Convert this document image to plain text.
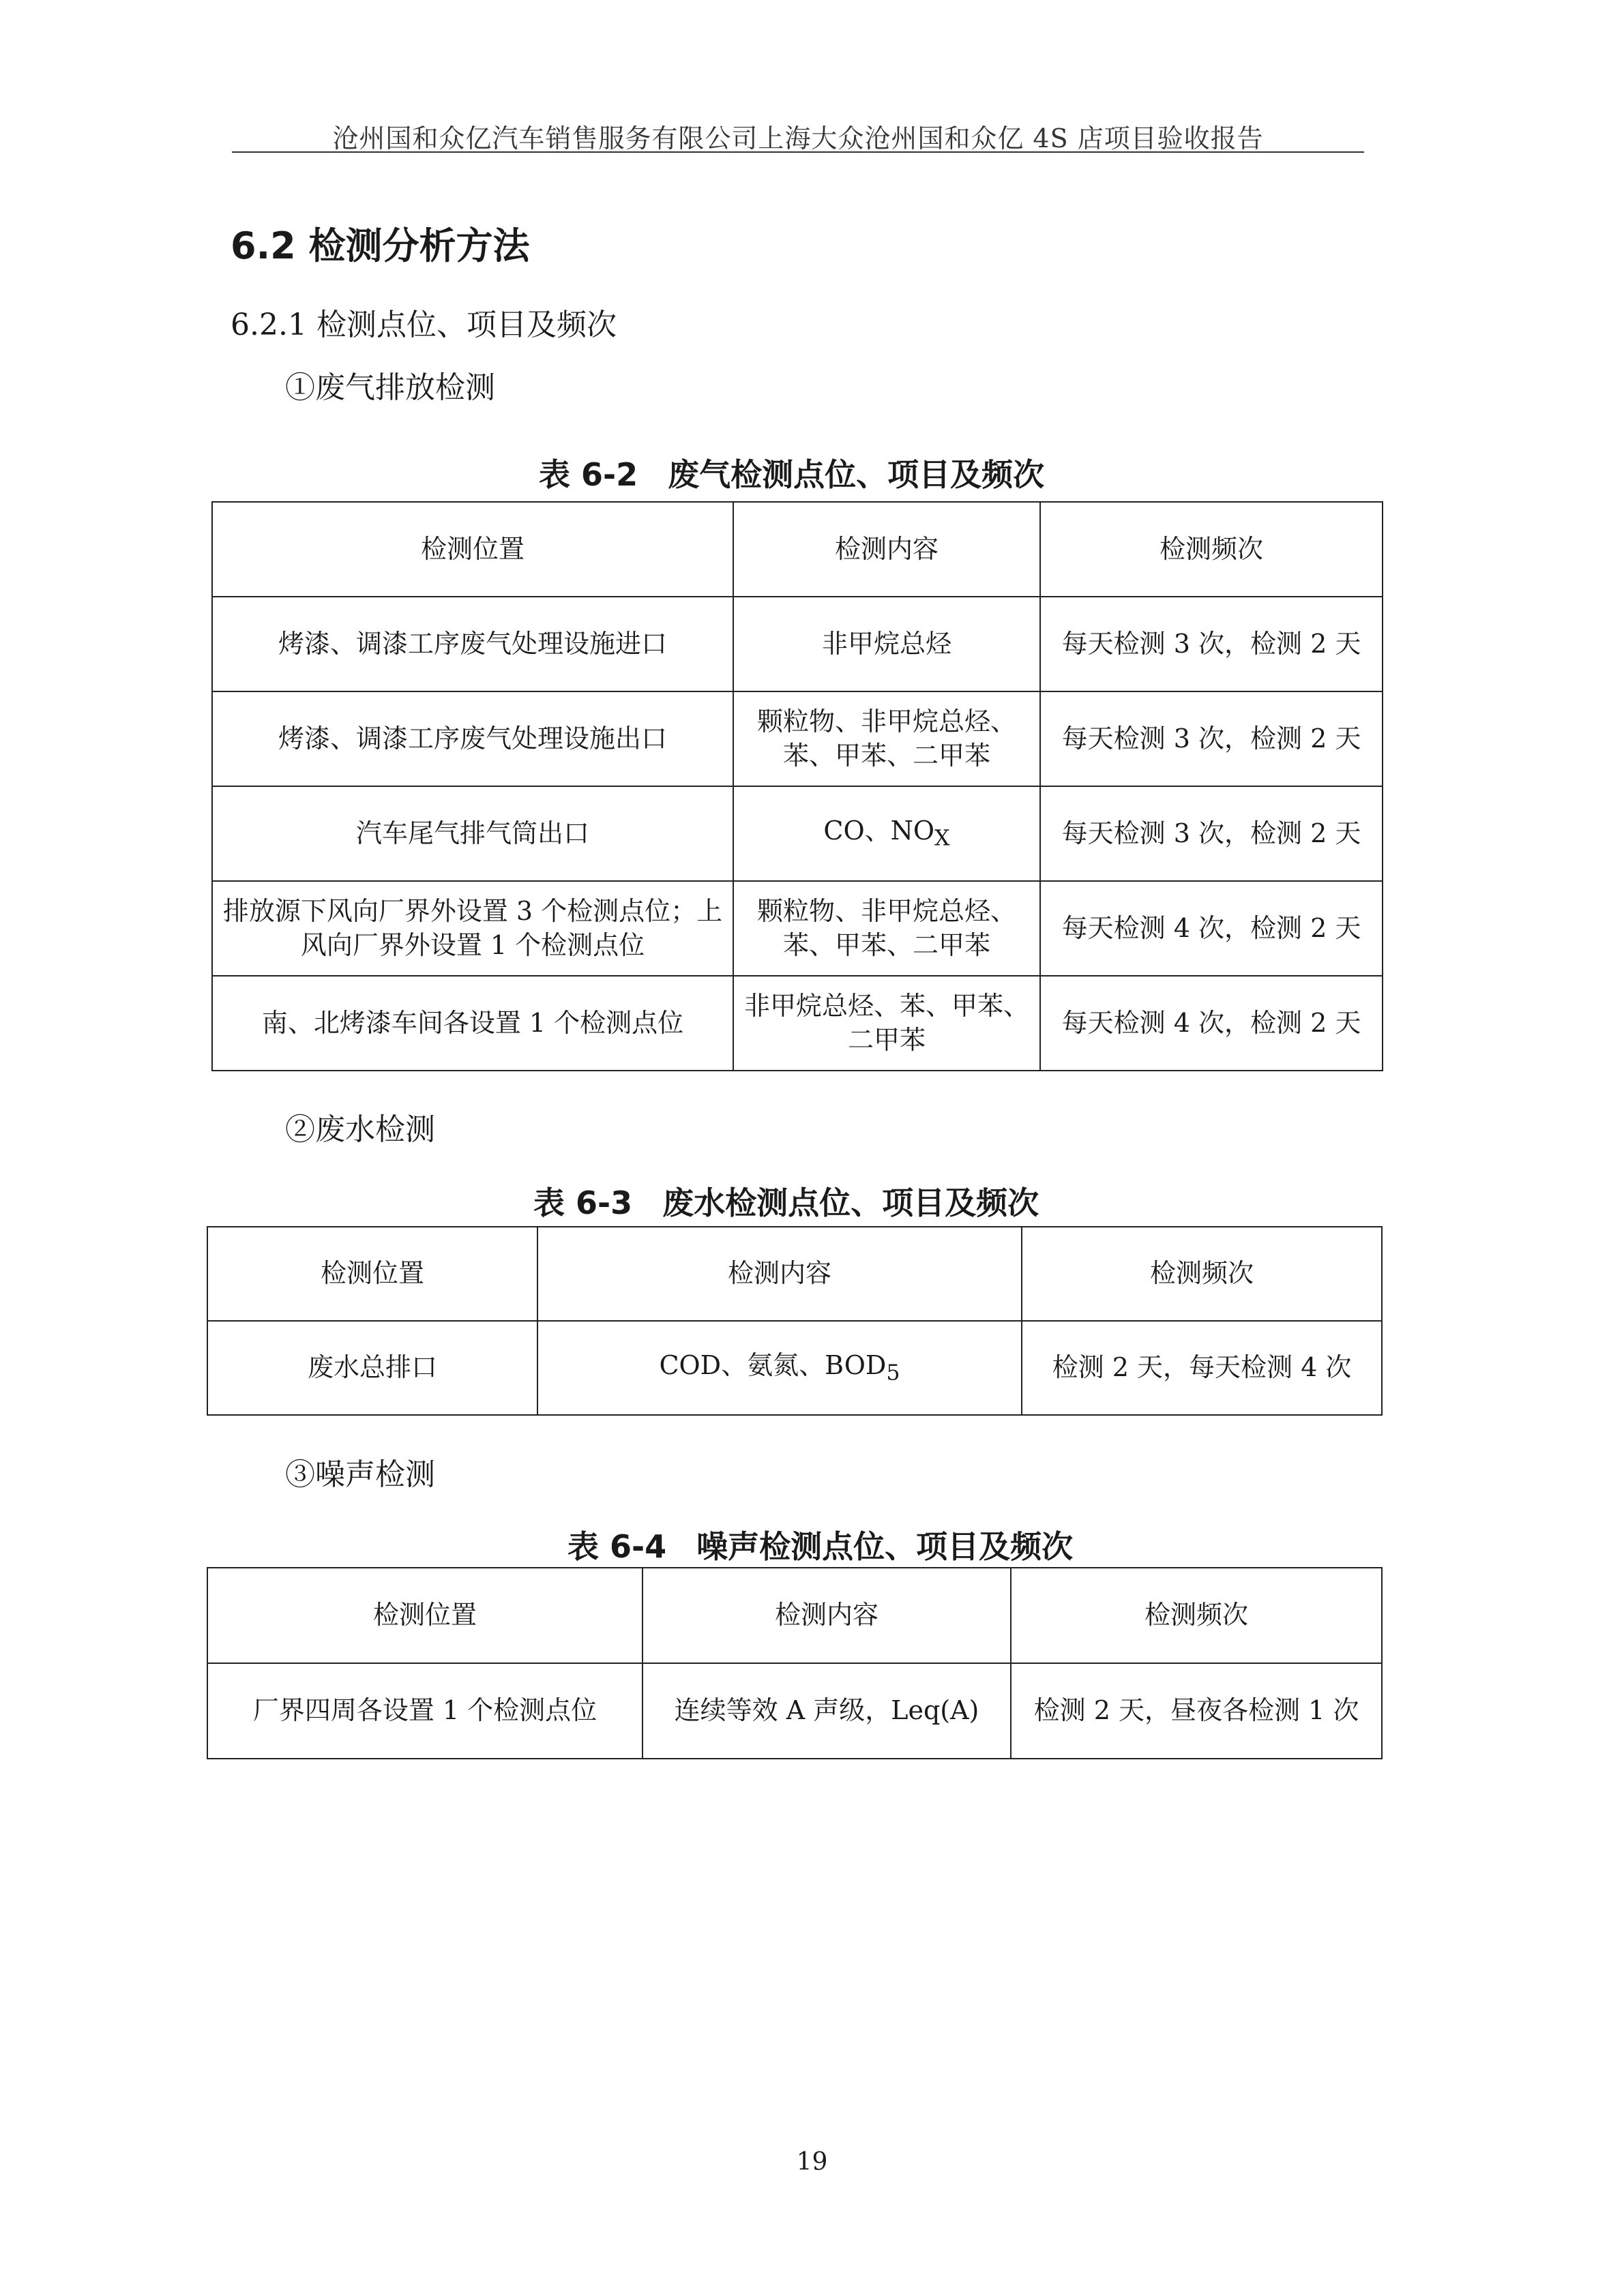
沧州国和众亿汽车销售服务有限公司上海大众沧州国和众亿 4S 店项目验收报告
6.2 检测分析方法
6.2.1 检测点位、项目及频次
①废气排放检测
表 6-2 废气检测点位、项目及频次
检测位置	检测内容	检测频次
烤漆、调漆工序废气处理设施进口	非甲烷总烃	每天检测 3 次，检测 2 天
烤漆、调漆工序废气处理设施出口	颗粒物、非甲烷总烃、苯、甲苯、二甲苯	每天检测 3 次，检测 2 天
汽车尾气排气筒出口	CO、$NO_X$	每天检测 3 次，检测 2 天
排放源下风向厂界外设置 3 个检测点位；上风向厂界外设置 1 个检测点位	颗粒物、非甲烷总烃、苯、甲苯、二甲苯	每天检测 4 次，检测 2 天
南、北烤漆车间各设置 1 个检测点位	非甲烷总烃、苯、甲苯、二甲苯	每天检测 4 次，检测 2 天
②废水检测
表 6-3 废水检测点位、项目及频次
检测位置	检测内容	检测频次
废水总排口	COD、氨氮、$BOD_5$	检测 2 天，每天检测 4 次
③噪声检测
表 6-4 噪声检测点位、项目及频次
检测位置	检测内容	检测频次
厂界四周各设置 1 个检测点位	连续等效 A 声级，Leq(A)	检测 2 天，昼夜各检测 1 次
19
